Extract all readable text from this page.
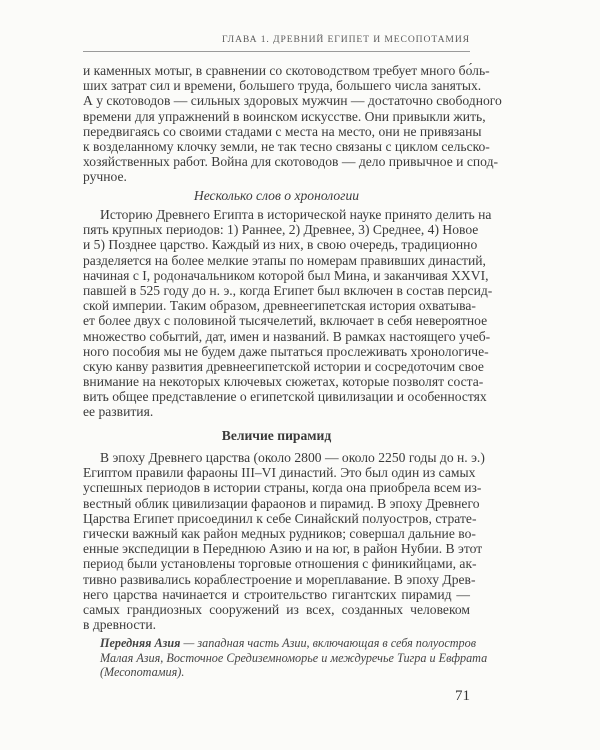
ГЛАВА 1. ДРЕВНИЙ ЕГИПЕТ И МЕСОПОТАМИЯ
и каменных мотыг, в сравнении со скотоводством требует много бо́ль-
ших затрат сил и времени, большего труда, большего числа занятых.
А у скотоводов — сильных здоровых мужчин — достаточно свободного
времени для упражнений в воинском искусстве. Они привыкли жить,
передвигаясь со своими стадами с места на место, они не привязаны
к возделанному клочку земли, не так тесно связаны с циклом сельско-
хозяйственных работ. Война для скотоводов — дело привычное и спод-
ручное.
Несколько слов о хронологии
Историю Древнего Египта в исторической науке принято делить на
пять крупных периодов: 1) Раннее, 2) Древнее, 3) Среднее, 4) Новое
и 5) Позднее царство. Каждый из них, в свою очередь, традиционно
разделяется на более мелкие этапы по номерам правивших династий,
начиная с I, родоначальником которой был Мина, и заканчивая XXVI,
павшей в 525 году до н. э., когда Египет был включен в состав персид-
ской империи. Таким образом, древнеегипетская история охватыва-
ет более двух с половиной тысячелетий, включает в себя невероятное
множество событий, дат, имен и названий. В рамках настоящего учеб-
ного пособия мы не будем даже пытаться прослеживать хронологиче-
скую канву развития древнеегипетской истории и сосредоточим свое
внимание на некоторых ключевых сюжетах, которые позволят соста-
вить общее представление о египетской цивилизации и особенностях
ее развития.
Величие пирамид
В эпоху Древнего царства (около 2800 — около 2250 годы до н. э.)
Египтом правили фараоны III–VI династий. Это был один из самых
успешных периодов в истории страны, когда она приобрела всем из-
вестный облик цивилизации фараонов и пирамид. В эпоху Древнего
Царства Египет присоединил к себе Синайский полуостров, страте-
гически важный как район медных рудников; совершал дальние во-
енные экспедиции в Переднюю Азию и на юг, в район Нубии. В этот
период были установлены торговые отношения с финикийцами, ак-
тивно развивались кораблестроение и мореплавание. В эпоху Древ-
него царства начинается и строительство гигантских пирамид —
самых грандиозных сооружений из всех, созданных человеком
в древности.
Передняя Азия — западная часть Азии, включающая в себя полуостров
Малая Азия, Восточное Средиземноморье и междуречье Тигра и Евфрата
(Месопотамия).
71
